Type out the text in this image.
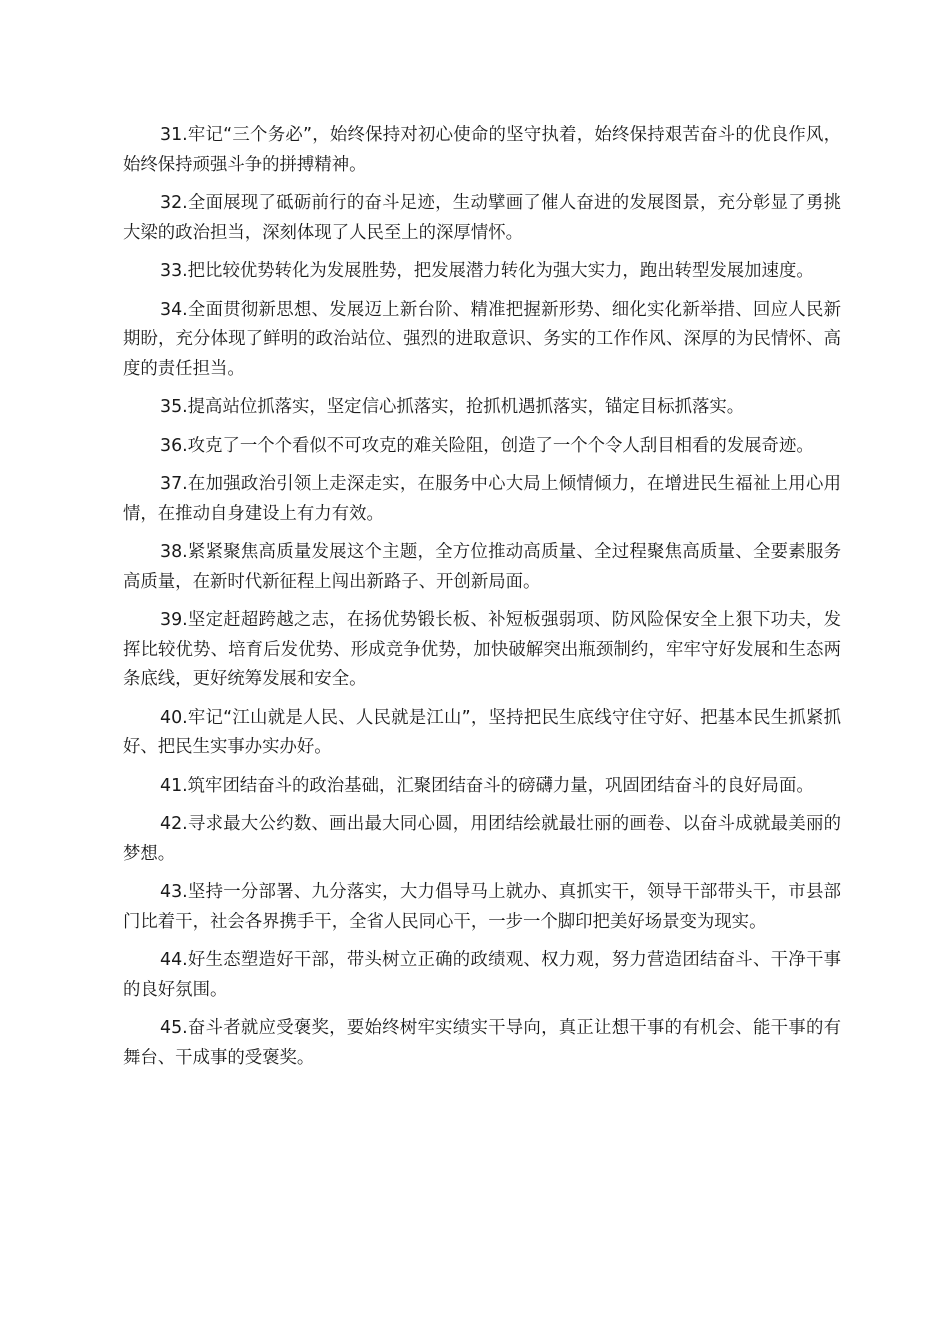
31.牢记“三个务必”，始终保持对初心使命的坚守执着，始终保持艰苦奋斗的优良作风，始终保持顽强斗争的拼搏精神。

32.全面展现了砥砺前行的奋斗足迹，生动擘画了催人奋进的发展图景，充分彰显了勇挑大梁的政治担当，深刻体现了人民至上的深厚情怀。

33.把比较优势转化为发展胜势，把发展潜力转化为强大实力，跑出转型发展加速度。

34.全面贯彻新思想、发展迈上新台阶、精准把握新形势、细化实化新举措、回应人民新期盼，充分体现了鲜明的政治站位、强烈的进取意识、务实的工作作风、深厚的为民情怀、高度的责任担当。

35.提高站位抓落实，坚定信心抓落实，抢抓机遇抓落实，锚定目标抓落实。

36.攻克了一个个看似不可攻克的难关险阻，创造了一个个令人刮目相看的发展奇迹。

37.在加强政治引领上走深走实，在服务中心大局上倾情倾力，在增进民生福祉上用心用情，在推动自身建设上有力有效。

38.紧紧聚焦高质量发展这个主题，全方位推动高质量、全过程聚焦高质量、全要素服务高质量，在新时代新征程上闯出新路子、开创新局面。

39.坚定赶超跨越之志，在扬优势锻长板、补短板强弱项、防风险保安全上狠下功夫，发挥比较优势、培育后发优势、形成竞争优势，加快破解突出瓶颈制约，牢牢守好发展和生态两条底线，更好统筹发展和安全。

40.牢记“江山就是人民、人民就是江山”，坚持把民生底线守住守好、把基本民生抓紧抓好、把民生实事办实办好。

41.筑牢团结奋斗的政治基础，汇聚团结奋斗的磅礴力量，巩固团结奋斗的良好局面。

42.寻求最大公约数、画出最大同心圆，用团结绘就最壮丽的画卷、以奋斗成就最美丽的梦想。

43.坚持一分部署、九分落实，大力倡导马上就办、真抓实干，领导干部带头干，市县部门比着干，社会各界携手干，全省人民同心干，一步一个脚印把美好场景变为现实。

44.好生态塑造好干部，带头树立正确的政绩观、权力观，努力营造团结奋斗、干净干事的良好氛围。

45.奋斗者就应受褒奖，要始终树牢实绩实干导向，真正让想干事的有机会、能干事的有舞台、干成事的受褒奖。
